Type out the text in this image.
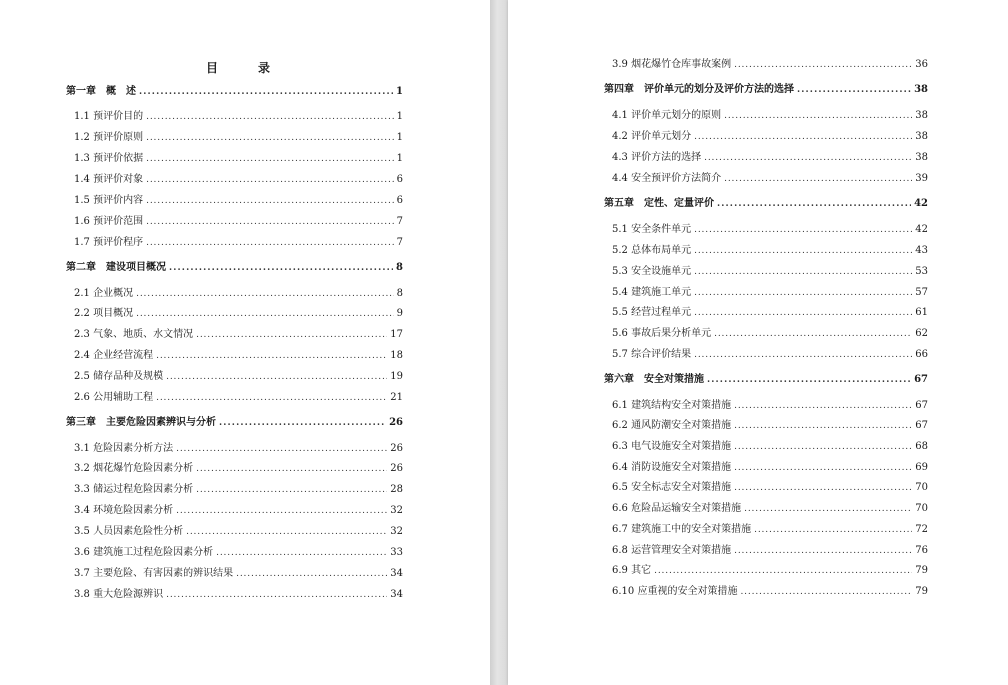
目　录
第一章　概　述 . . .	1
1.1 预评价目的 . . .	1
1.2 预评价原则 . . .	1
1.3 预评价依据 . . .	1
1.4 预评价对象 . . .	6
1.5 预评价内容 . . .	6
1.6 预评价范围 . . .	7
1.7 预评价程序 . . .	7
第二章　建设项目概况 . . .	8
2.1 企业概况 . . .	8
2.2 项目概况 . . .	9
2.3 气象、地质、水文情况 . . .	17
2.4 企业经营流程 . . .	18
2.5 储存品种及规模 . . .	19
2.6 公用辅助工程 . . .	21
第三章　主要危险因素辨识与分析 . . .	26
3.1 危险因素分析方法 . . .	26
3.2 烟花爆竹危险因素分析 . . .	26
3.3 储运过程危险因素分析 . . .	28
3.4 环境危险因素分析 . . .	32
3.5 人员因素危险性分析 . . .	32
3.6 建筑施工过程危险因素分析 . . .	33
3.7 主要危险、有害因素的辨识结果 . . .	34
3.8 重大危险源辨识 . . .	34
3.9 烟花爆竹仓库事故案例 . . .	36
第四章　评价单元的划分及评价方法的选择 . . .	38
4.1 评价单元划分的原则 . . .	38
4.2 评价单元划分 . . .	38
4.3 评价方法的选择 . . .	38
4.4 安全预评价方法简介 . . .	39
第五章　定性、定量评价 . . .	42
5.1 安全条件单元 . . .	42
5.2 总体布局单元 . . .	43
5.3 安全设施单元 . . .	53
5.4 建筑施工单元 . . .	57
5.5 经营过程单元 . . .	61
5.6 事故后果分析单元 . . .	62
5.7 综合评价结果 . . .	66
第六章　安全对策措施 . . .	67
6.1 建筑结构安全对策措施 . . .	67
6.2 通风防潮安全对策措施 . . .	67
6.3 电气设施安全对策措施 . . .	68
6.4 消防设施安全对策措施 . . .	69
6.5 安全标志安全对策措施 . . .	70
6.6 危险品运输安全对策措施 . . .	70
6.7 建筑施工中的安全对策措施 . . .	72
6.8 运营管理安全对策措施 . . .	76
6.9 其它 . . .	79
6.10 应重视的安全对策措施 . . .	79
